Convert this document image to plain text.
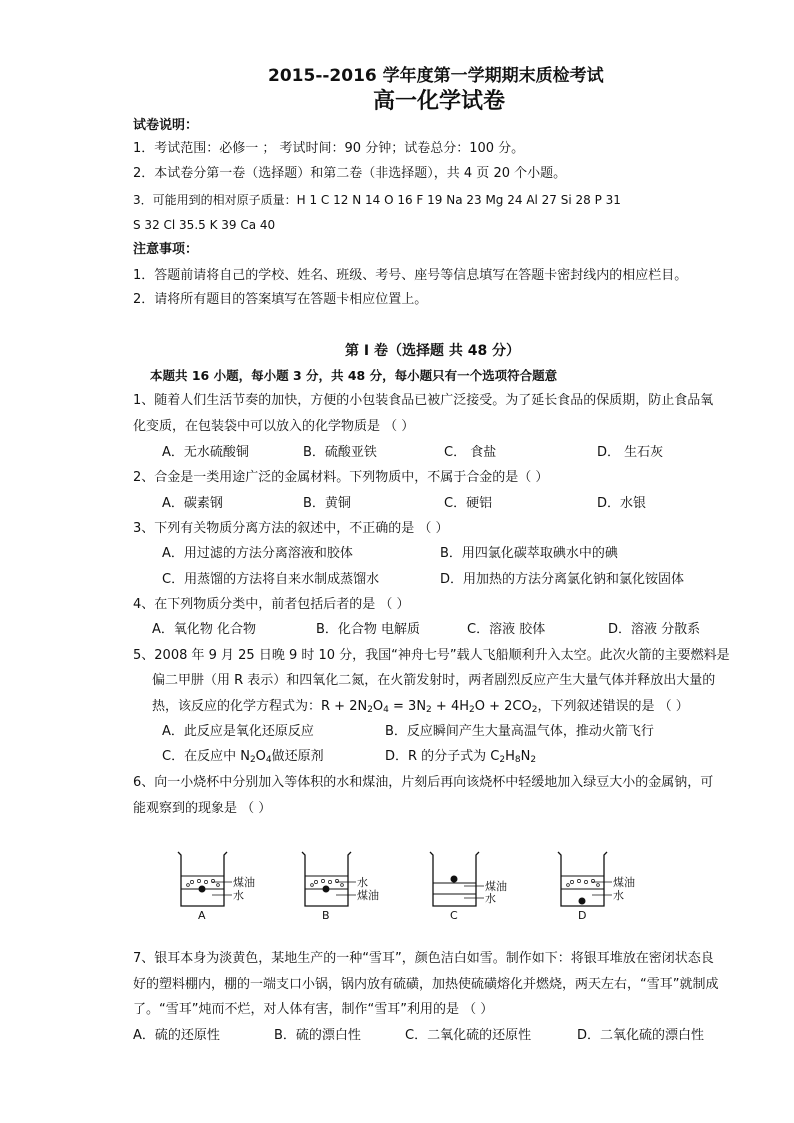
2015--2016 学年度第一学期期末质检考试
高一化学试卷
试卷说明：
1．考试范围：必修一 ； 考试时间：90 分钟；试卷总分：100 分。
2．本试卷分第一卷（选择题）和第二卷（非选择题），共 4 页 20 个小题。
3．可能用到的相对原子质量：H 1 C 12 N 14 O 16 F 19 Na 23 Mg 24 Al 27 Si 28 P 31
S 32 Cl 35.5 K 39 Ca 40
注意事项：
1．答题前请将自己的学校、姓名、班级、考号、座号等信息填写在答题卡密封线内的相应栏目。
2．请将所有题目的答案填写在答题卡相应位置上。
第 I 卷（选择题 共 48 分）
本题共 16 小题，每小题 3 分，共 48 分，每小题只有一个选项符合题意
1、随着人们生活节奏的加快，方便的小包装食品已被广泛接受。为了延长食品的保质期，防止食品氧
化变质，在包装袋中可以放入的化学物质是 （ ）
A．无水硫酸铜	B．硫酸亚铁	C． 食盐	D． 生石灰
2、合金是一类用途广泛的金属材料。下列物质中，不属于合金的是（ ）
A．碳素钢	B．黄铜	C．硬铝	D．水银
3、下列有关物质分离方法的叙述中，不正确的是 （ ）
A．用过滤的方法分离溶液和胶体	B．用四氯化碳萃取碘水中的碘
C．用蒸馏的方法将自来水制成蒸馏水	D．用加热的方法分离氯化钠和氯化铵固体
4、在下列物质分类中，前者包括后者的是 （ ）
A．氧化物 化合物	B．化合物 电解质	C．溶液 胶体	D．溶液 分散系
5、2008 年 9 月 25 日晚 9 时 10 分，我国“神舟七号”载人飞船顺利升入太空。此次火箭的主要燃料是
偏二甲肼（用 R 表示）和四氧化二氮，在火箭发射时，两者剧烈反应产生大量气体并释放出大量的
热，该反应的化学方程式为：$R + 2N_2O_4 = 3N_2 + 4H_2O + 2CO_2$，下列叙述错误的是 （ ）
A．此反应是氧化还原反应	B．反应瞬间产生大量高温气体，推动火箭飞行
C．在反应中 $N_2O_4$做还原剂	D．R 的分子式为 $C_2H_8N_2$
6、向一小烧杯中分别加入等体积的水和煤油，片刻后再向该烧杯中轻缓地加入绿豆大小的金属钠，可
能观察到的现象是 （ ）
煤油
水
A
水
煤油
B
煤油
水
C
煤油
水
D
7、银耳本身为淡黄色，某地生产的一种“雪耳”，颜色洁白如雪。制作如下：将银耳堆放在密闭状态良
好的塑料棚内，棚的一端支口小锅，锅内放有硫磺，加热使硫磺熔化并燃烧，两天左右，“雪耳”就制成
了。“雪耳”炖而不烂，对人体有害，制作“雪耳”利用的是 （ ）
A．硫的还原性	B．硫的漂白性	C．二氧化硫的还原性	D．二氧化硫的漂白性
